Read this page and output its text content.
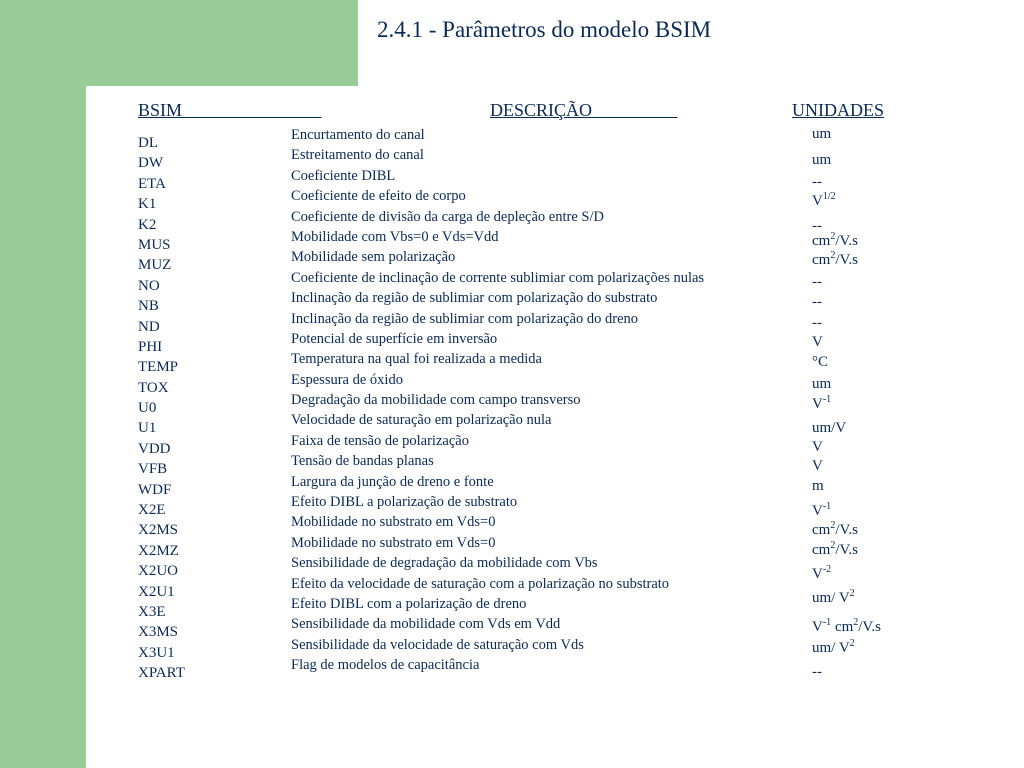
2.4.1 - Parâmetros do modelo BSIM
BSIM	DESCRIÇÃO	UNIDADES
DL
DW
ETA
K1
K2
MUS
MUZ
NO
NB
ND
PHI
TEMP
TOX
U0
U1
VDD
VFB
WDF
X2E
X2MS
X2MZ
X2UO
X2U1
X3E
X3MS
X3U1
XPART
Encurtamento do canal
Estreitamento do canal
Coeficiente DIBL
Coeficiente de efeito de corpo
Coeficiente de divisão da carga de depleção entre S/D
Mobilidade com Vbs=0 e Vds=Vdd
Mobilidade sem polarização
Coeficiente de inclinação de corrente sublimiar com polarizações nulas
Inclinação da região de sublimiar com polarização do substrato
Inclinação da região de sublimiar com polarização do dreno
Potencial de superfície em inversão
Temperatura na qual foi realizada a medida
Espessura de óxido
Degradação da mobilidade com campo transverso
Velocidade de saturação em polarização nula
Faixa de tensão de polarização
Tensão de bandas planas
Largura da junção de dreno e fonte
Efeito DIBL a polarização de substrato
Mobilidade no substrato em Vds=0
Mobilidade no substrato em Vds=0
Sensibilidade de degradação da mobilidade com Vbs
Efeito da velocidade de saturação com a polarização no substrato
Efeito DIBL com a polarização de dreno
Sensibilidade da mobilidade com Vds em Vdd
Sensibilidade da velocidade de saturação com Vds
Flag de modelos de capacitância
um
um
--
$V^{1/2}$
--
$cm^2/V.s$
$cm^2/V.s$
--
--
--
V
°C
um
$V^{-1}$
um/V
V
V
m
$V^{-1}$
$cm^2/V.s$
$cm^2/V.s$
$V^{-2}$
um/ $V^2$
$V^{-1}$ $cm^2/V.s$
um/ $V^2$
--
